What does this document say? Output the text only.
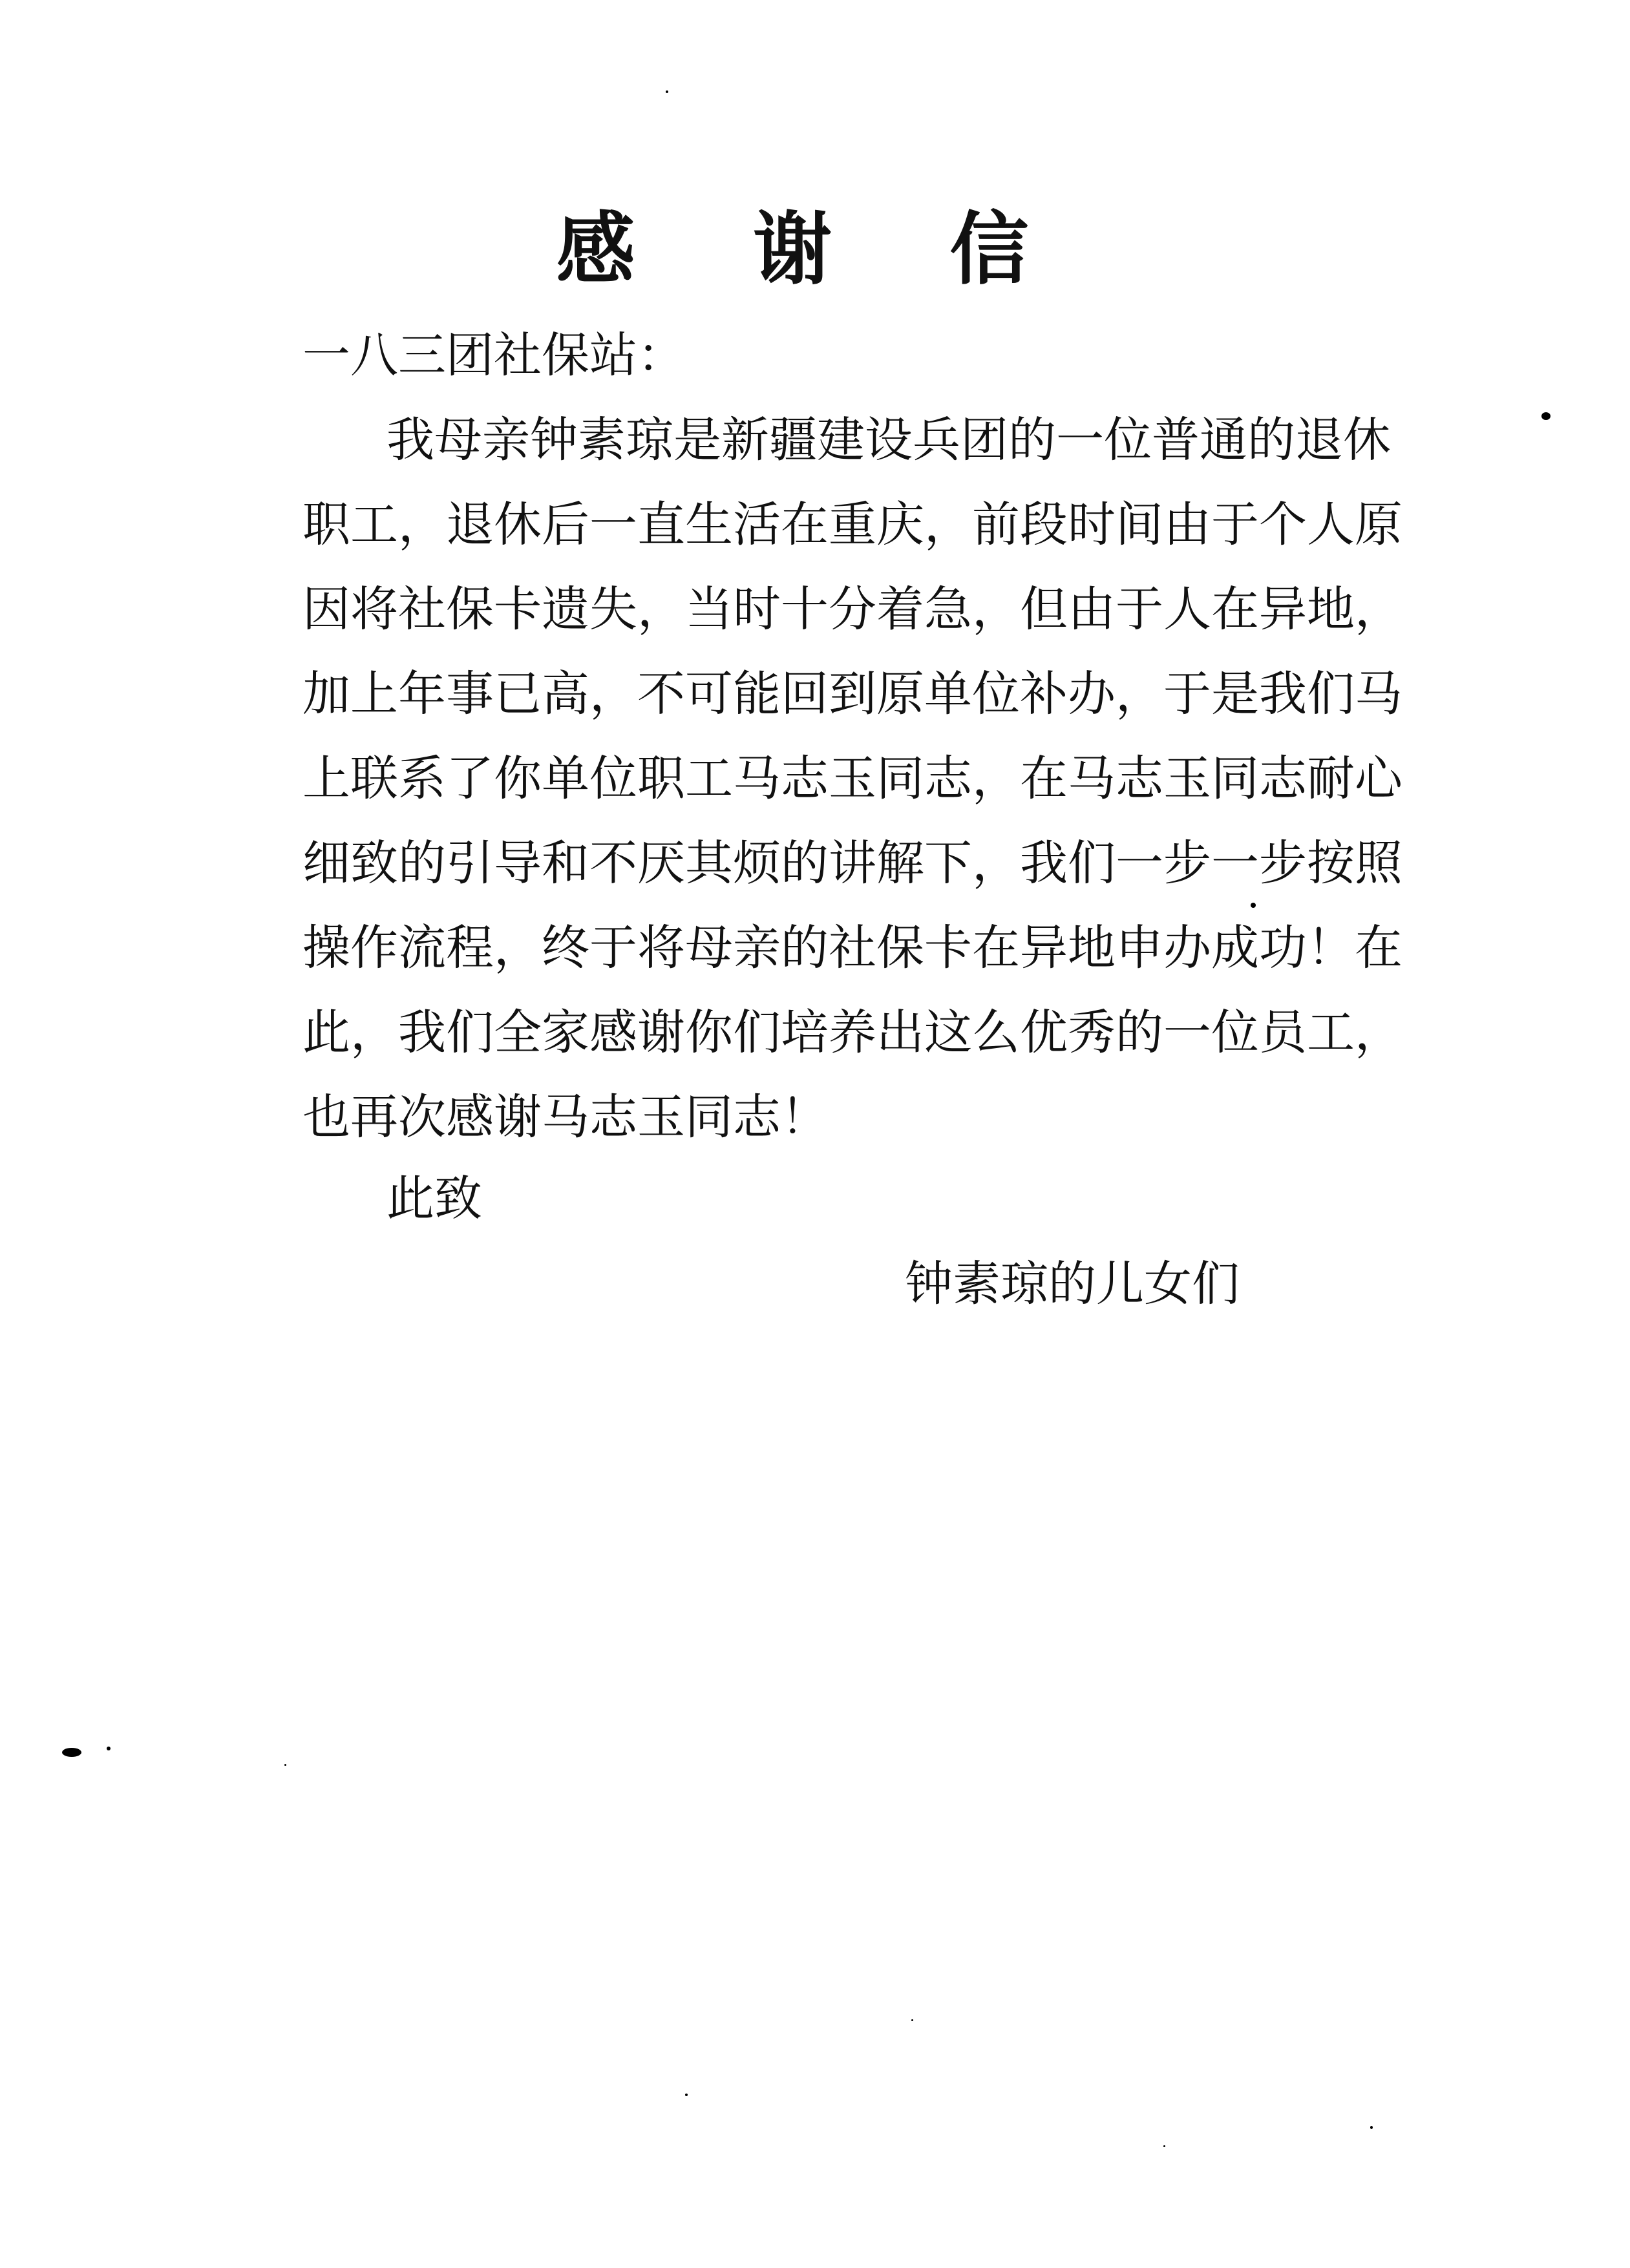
感 谢 信
一八三团社保站：
我母亲钟素琼是新疆建设兵团的一位普通的退休
职工，退休后一直生活在重庆，前段时间由于个人原
因将社保卡遗失，当时十分着急，但由于人在异地，
加上年事已高，不可能回到原单位补办，于是我们马
上联系了你单位职工马志玉同志，在马志玉同志耐心
细致的引导和不厌其烦的讲解下，我们一步一步按照
操作流程，终于将母亲的社保卡在异地申办成功！在
此，我们全家感谢你们培养出这么优秀的一位员工，
也再次感谢马志玉同志！
此致
钟素琼的儿女们
